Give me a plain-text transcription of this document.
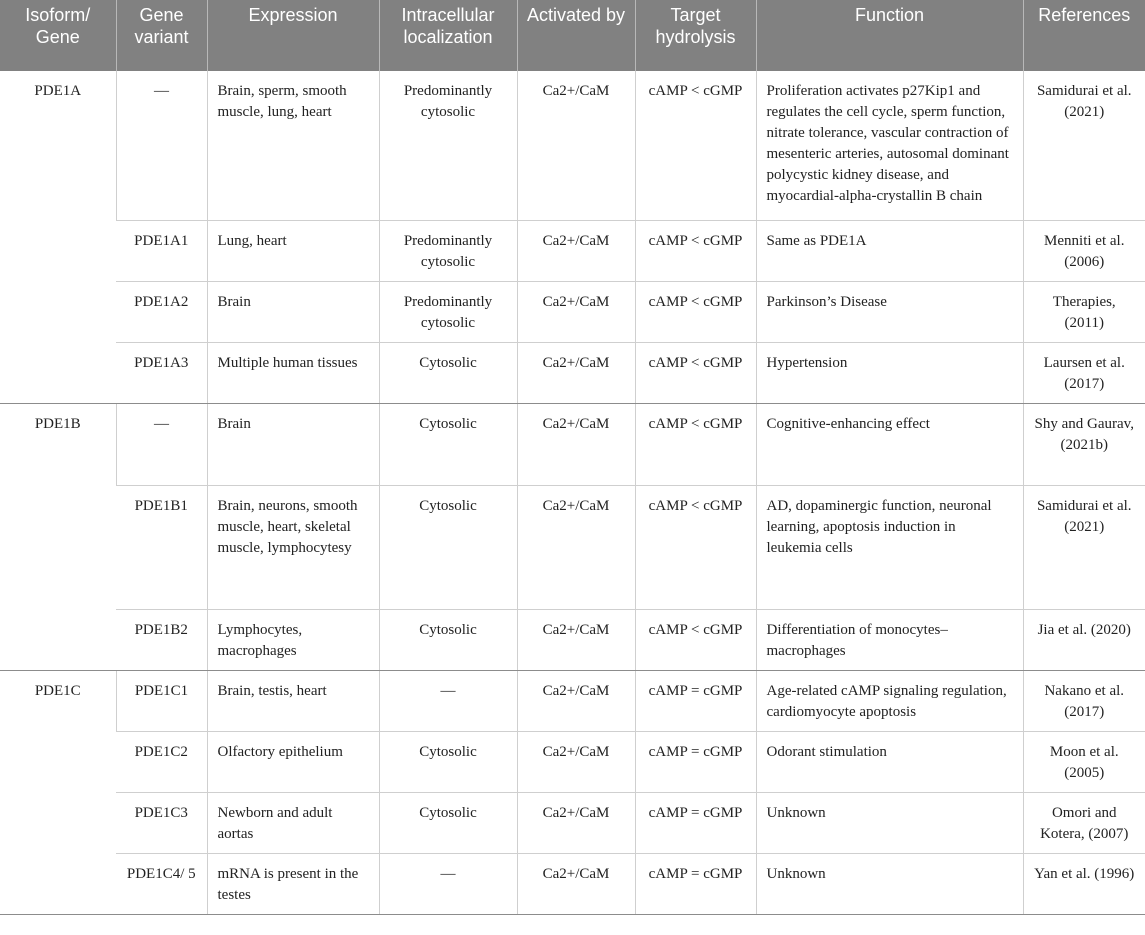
Isoform/ Gene	Gene variant	Expression	Intracellular localization	Activated by	Target hydrolysis	Function	References
PDE1A	—	Brain, sperm, smooth muscle, lung, heart	Predominantly cytosolic	Ca2+/CaM	cAMP < cGMP	Proliferation activates p27Kip1 and regulates the cell cycle, sperm function, nitrate tolerance, vascular contraction of mesenteric arteries, autosomal dominant polycystic kidney disease, and myocardial-alpha-crystallin B chain	Samidurai et al. (2021)
	PDE1A1	Lung, heart	Predominantly cytosolic	Ca2+/CaM	cAMP < cGMP	Same as PDE1A	Menniti et al. (2006)
	PDE1A2	Brain	Predominantly cytosolic	Ca2+/CaM	cAMP < cGMP	Parkinson’s Disease	Therapies, (2011)
	PDE1A3	Multiple human tissues	Cytosolic	Ca2+/CaM	cAMP < cGMP	Hypertension	Laursen et al. (2017)
PDE1B	—	Brain	Cytosolic	Ca2+/CaM	cAMP < cGMP	Cognitive-enhancing effect	Shy and Gaurav, (2021b)
	PDE1B1	Brain, neurons, smooth muscle, heart, skeletal muscle, lymphocytesy	Cytosolic	Ca2+/CaM	cAMP < cGMP	AD, dopaminergic function, neuronal learning, apoptosis induction in leukemia cells	Samidurai et al. (2021)
	PDE1B2	Lymphocytes, macrophages	Cytosolic	Ca2+/CaM	cAMP < cGMP	Differentiation of monocytes–macrophages	Jia et al. (2020)
PDE1C	PDE1C1	Brain, testis, heart	—	Ca2+/CaM	cAMP = cGMP	Age-related cAMP signaling regulation, cardiomyocyte apoptosis	Nakano et al. (2017)
	PDE1C2	Olfactory epithelium	Cytosolic	Ca2+/CaM	cAMP = cGMP	Odorant stimulation	Moon et al. (2005)
	PDE1C3	Newborn and adult aortas	Cytosolic	Ca2+/CaM	cAMP = cGMP	Unknown	Omori and Kotera, (2007)
	PDE1C4/ 5	mRNA is present in the testes	—	Ca2+/CaM	cAMP = cGMP	Unknown	Yan et al. (1996)
